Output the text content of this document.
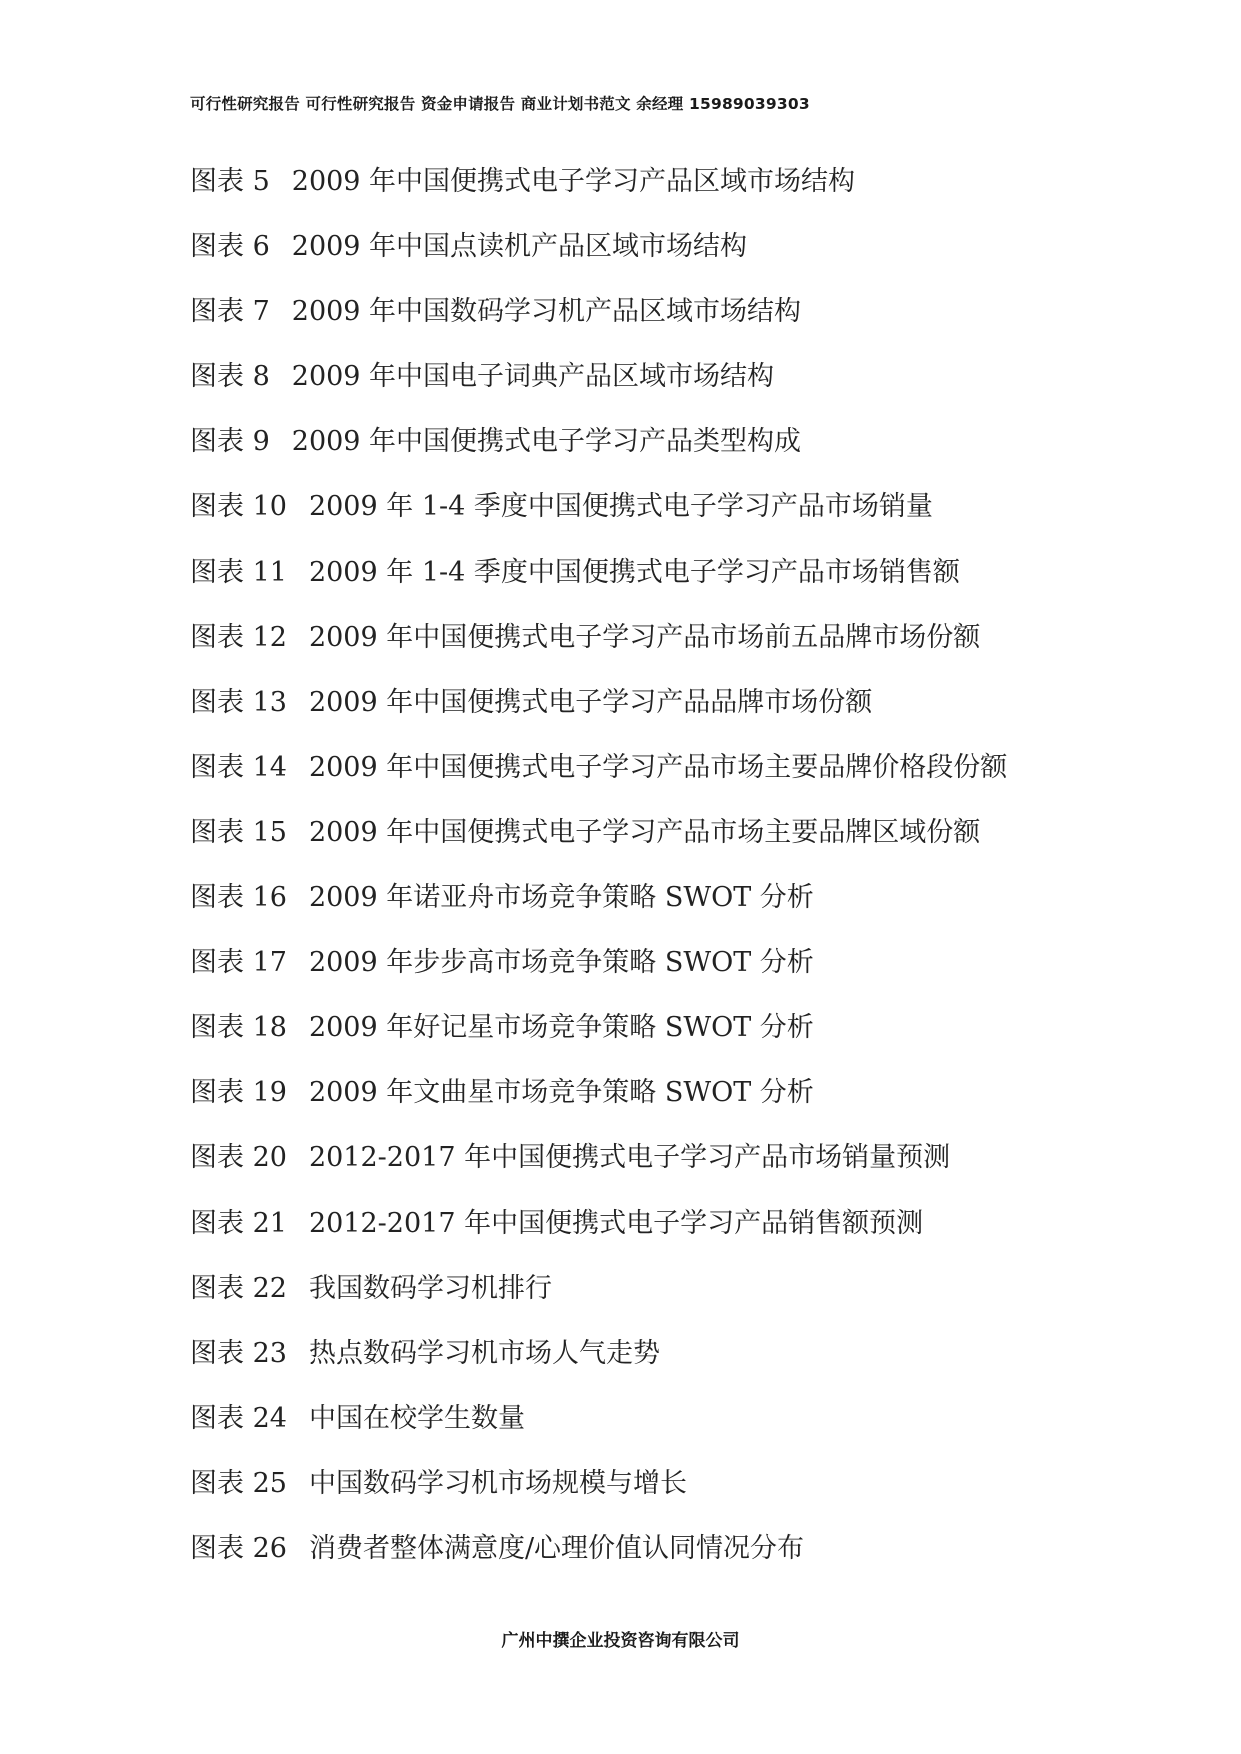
可行性研究报告 可行性研究报告 资金申请报告 商业计划书范文 余经理 15989039303
图表 5 2009 年中国便携式电子学习产品区域市场结构
图表 6 2009 年中国点读机产品区域市场结构
图表 7 2009 年中国数码学习机产品区域市场结构
图表 8 2009 年中国电子词典产品区域市场结构
图表 9 2009 年中国便携式电子学习产品类型构成
图表 10 2009 年 1-4 季度中国便携式电子学习产品市场销量
图表 11 2009 年 1-4 季度中国便携式电子学习产品市场销售额
图表 12 2009 年中国便携式电子学习产品市场前五品牌市场份额
图表 13 2009 年中国便携式电子学习产品品牌市场份额
图表 14 2009 年中国便携式电子学习产品市场主要品牌价格段份额
图表 15 2009 年中国便携式电子学习产品市场主要品牌区域份额
图表 16 2009 年诺亚舟市场竞争策略 SWOT 分析
图表 17 2009 年步步高市场竞争策略 SWOT 分析
图表 18 2009 年好记星市场竞争策略 SWOT 分析
图表 19 2009 年文曲星市场竞争策略 SWOT 分析
图表 20 2012-2017 年中国便携式电子学习产品市场销量预测
图表 21 2012-2017 年中国便携式电子学习产品销售额预测
图表 22 我国数码学习机排行
图表 23 热点数码学习机市场人气走势
图表 24 中国在校学生数量
图表 25 中国数码学习机市场规模与增长
图表 26 消费者整体满意度/心理价值认同情况分布
广州中撰企业投资咨询有限公司
